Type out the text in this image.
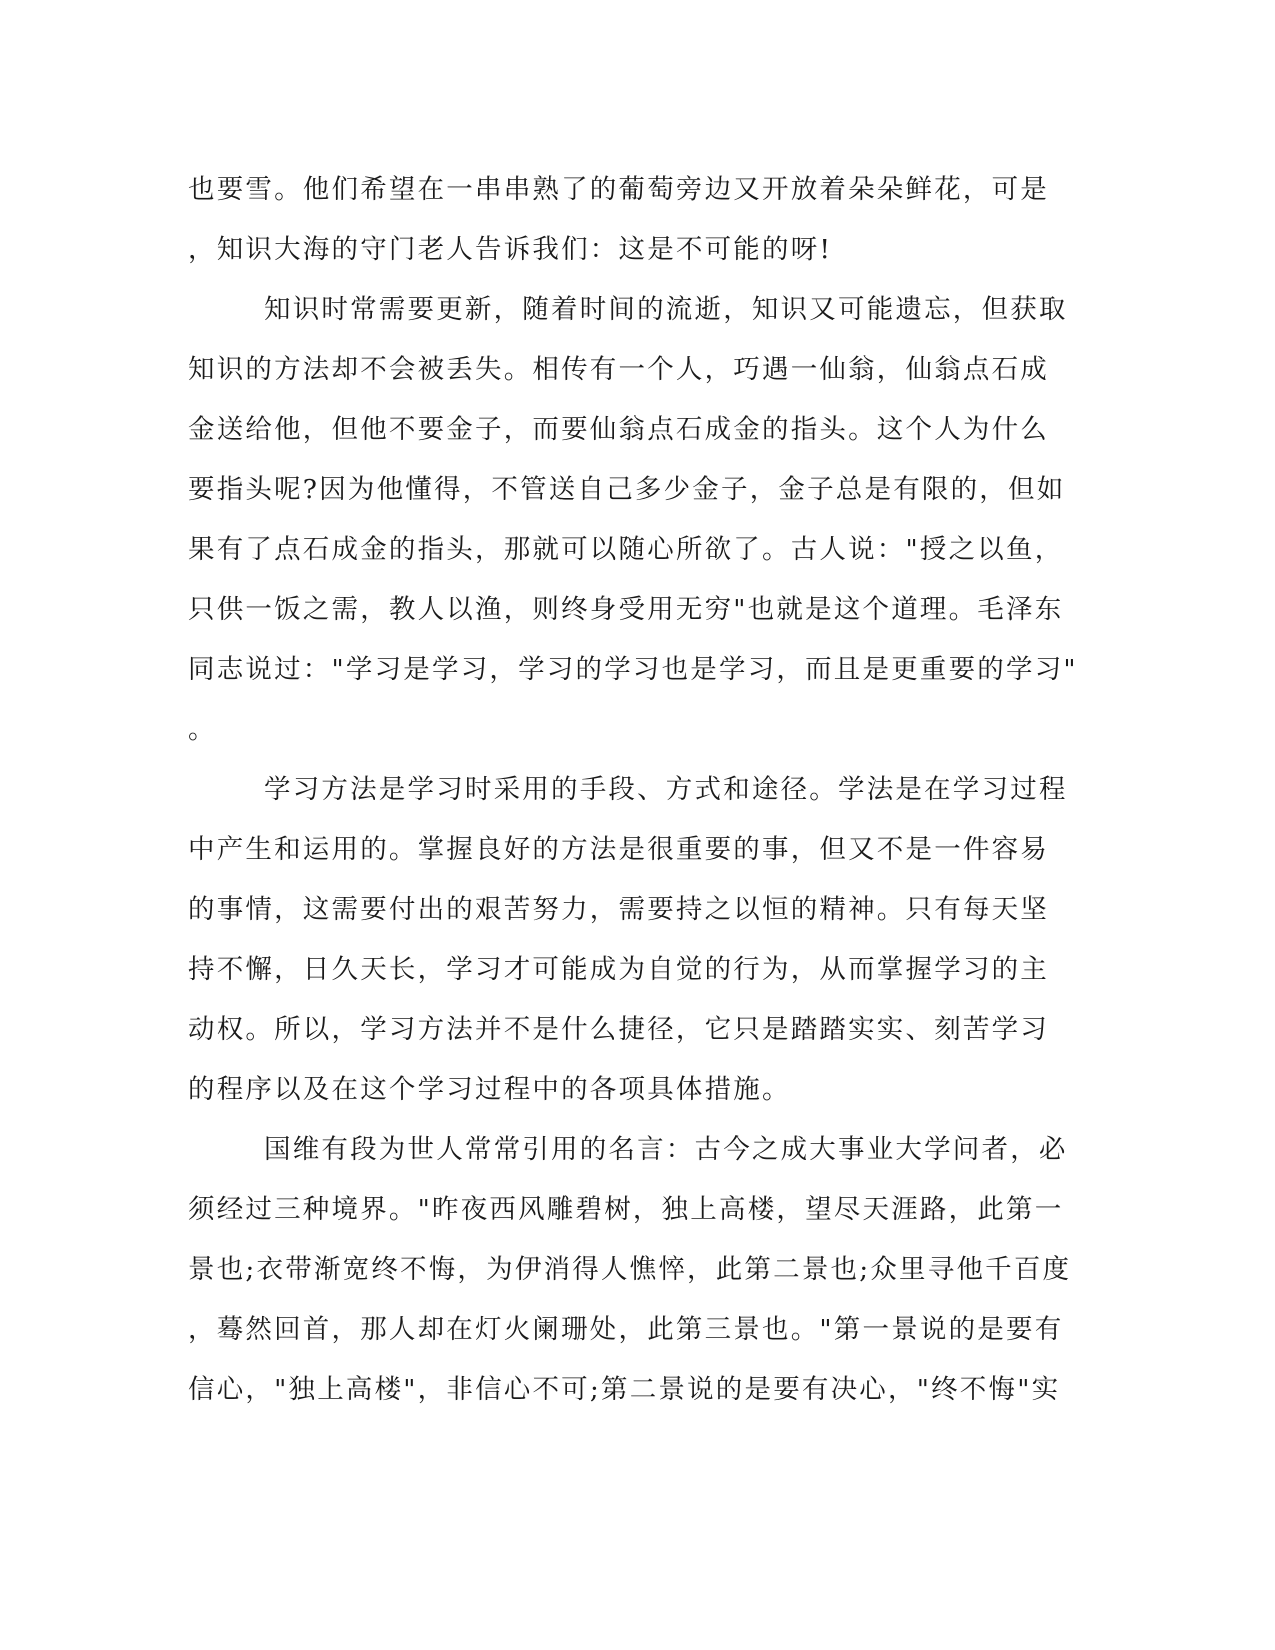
也要雪。他们希望在一串串熟了的葡萄旁边又开放着朵朵鲜花，可是
，知识大海的守门老人告诉我们：这是不可能的呀!
知识时常需要更新，随着时间的流逝，知识又可能遗忘，但获取
知识的方法却不会被丢失。相传有一个人，巧遇一仙翁，仙翁点石成
金送给他，但他不要金子，而要仙翁点石成金的指头。这个人为什么
要指头呢?因为他懂得，不管送自己多少金子，金子总是有限的，但如
果有了点石成金的指头，那就可以随心所欲了。古人说："授之以鱼，
只供一饭之需，教人以渔，则终身受用无穷"也就是这个道理。毛泽东
同志说过："学习是学习，学习的学习也是学习，而且是更重要的学习"
。
学习方法是学习时采用的手段、方式和途径。学法是在学习过程
中产生和运用的。掌握良好的方法是很重要的事，但又不是一件容易
的事情，这需要付出的艰苦努力，需要持之以恒的精神。只有每天坚
持不懈，日久天长，学习才可能成为自觉的行为，从而掌握学习的主
动权。所以，学习方法并不是什么捷径，它只是踏踏实实、刻苦学习
的程序以及在这个学习过程中的各项具体措施。
国维有段为世人常常引用的名言：古今之成大事业大学问者，必
须经过三种境界。"昨夜西风雕碧树，独上高楼，望尽天涯路，此第一
景也;衣带渐宽终不悔，为伊消得人憔悴，此第二景也;众里寻他千百度
，蓦然回首，那人却在灯火阑珊处，此第三景也。"第一景说的是要有
信心，"独上高楼"，非信心不可;第二景说的是要有决心，"终不悔"实
